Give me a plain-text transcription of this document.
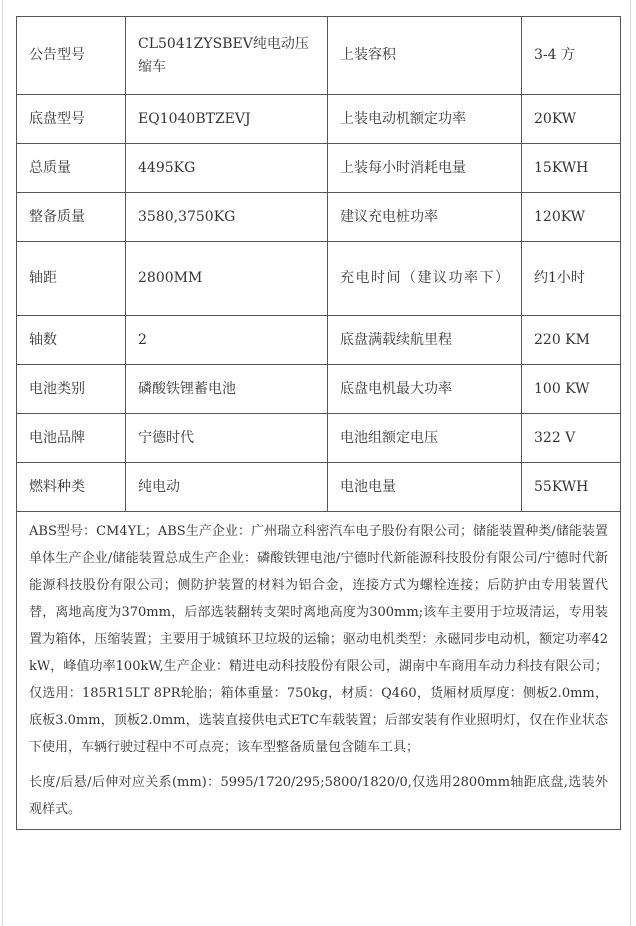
公告型号	CL5041ZYSBEV纯电动压缩车	上装容积	3-4 方
底盘型号	EQ1040BTZEVJ	上装电动机额定功率	20KW
总质量	4495KG	上装每小时消耗电量	15KWH
整备质量	3580,3750KG	建议充电桩功率	120KW
轴距	2800MM	充电时间（建议功率下）	约1小时
轴数	2	底盘满载续航里程	220 KM
电池类别	磷酸铁锂蓄电池	底盘电机最大功率	100 KW
电池品牌	宁德时代	电池组额定电压	322 V
燃料种类	纯电动	电池电量	55KWH

ABS型号：CM4YL；ABS生产企业：广州瑞立科密汽车电子股份有限公司；储能装置种类/储能装置单体生产企业/储能装置总成生产企业：磷酸铁锂电池/宁德时代新能源科技股份有限公司/宁德时代新能源科技股份有限公司；侧防护装置的材料为铝合金，连接方式为螺栓连接；后防护由专用装置代替，离地高度为370mm，后部选装翻转支架时离地高度为300mm;该车主要用于垃圾清运，专用装置为箱体，压缩装置；主要用于城镇环卫垃圾的运输；驱动电机类型：永磁同步电动机，额定功率42kW，峰值功率100kW,生产企业：精进电动科技股份有限公司，湖南中车商用车动力科技有限公司；仅选用：185R15LT 8PR轮胎；箱体重量：750kg，材质：Q460，货厢材质厚度：侧板2.0mm，底板3.0mm，顶板2.0mm，选装直接供电式ETC车载装置；后部安装有作业照明灯，仅在作业状态下使用，车辆行驶过程中不可点亮；该车型整备质量包含随车工具；

长度/后悬/后伸对应关系(mm)：5995/1720/295;5800/1820/0,仅选用2800mm轴距底盘,选装外观样式。			
